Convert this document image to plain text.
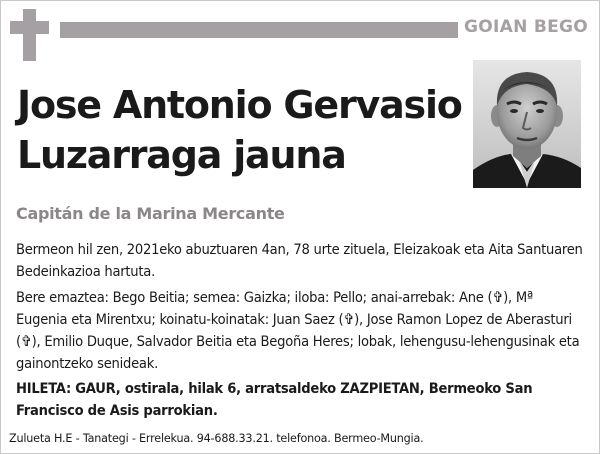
GOIAN BEGO
Jose Antonio Gervasio
Luzarraga jauna
Capitán de la Marina Mercante
Bermeon hil zen, 2021eko abuztuaren 4an, 78 urte zituela, Eleizakoak eta Aita Santuaren Bedeinkazioa hartuta.
Bere emaztea: Bego Beitia; semea: Gaizka; iloba: Pello; anai-arrebak: Ane (✞), Mª Eugenia eta Mirentxu; koinatu-koinatak: Juan Saez (✞), Jose Ramon Lopez de Aberasturi (✞), Emilio Duque, Salvador Beitia eta Begoña Heres; lobak, lehengusu-lehengusinak eta gainontzeko senideak.
HILETA: GAUR, ostirala, hilak 6, arratsaldeko ZAZPIETAN, Bermeoko San Francisco de Asis parrokian.
Zulueta H.E - Tanategi - Errelekua. 94-688.33.21. telefonoa. Bermeo-Mungia.
